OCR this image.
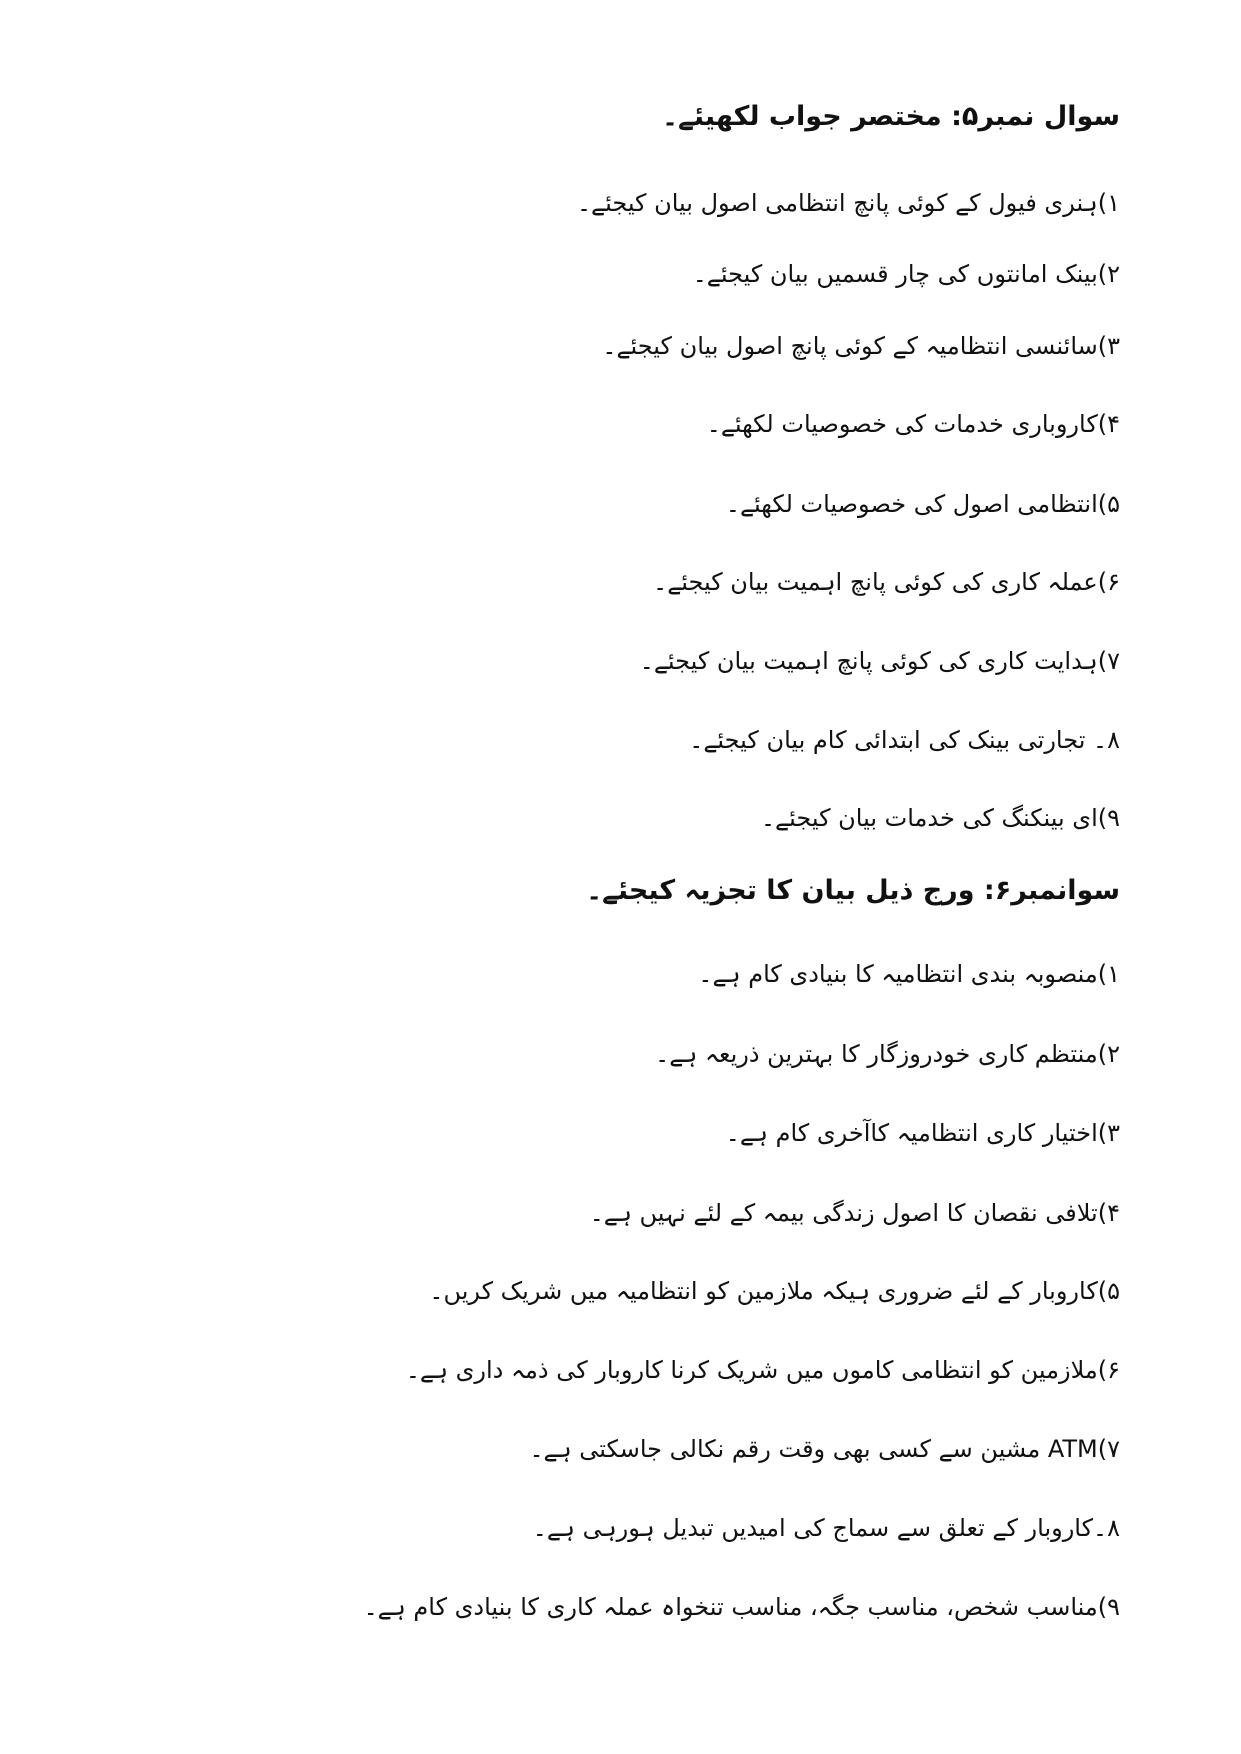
سوال نمبر۵: مختصر جواب لکھیئے۔
۱)ہنری فیول کے کوئی پانچ انتظامی اصول بیان کیجئے۔
۲)بینک امانتوں کی چار قسمیں بیان کیجئے۔
۳)سائنسی انتظامیہ کے کوئی پانچ اصول بیان کیجئے۔
۴)کاروباری خدمات کی خصوصیات لکھئے۔
۵)انتظامی اصول کی خصوصیات لکھئے۔
۶)عملہ کاری کی کوئی پانچ اہمیت بیان کیجئے۔
۷)ہدایت کاری کی کوئی پانچ اہمیت بیان کیجئے۔
۸۔ تجارتی بینک کی ابتدائی کام بیان کیجئے۔
۹)ای بینکنگ کی خدمات بیان کیجئے۔
سوانمبر۶: ورج ذیل بیان کا تجزیہ کیجئے۔
۱)منصوبہ بندی انتظامیہ کا بنیادی کام ہے۔
۲)منتظم کاری خودروزگار کا بہترین ذریعہ ہے۔
۳)اختیار کاری انتظامیہ کاآخری کام ہے۔
۴)تلافی نقصان کا اصول زندگی بیمہ کے لئے نہیں ہے۔
۵)کاروبار کے لئے ضروری ہیکہ ملازمین کو انتظامیہ میں شریک کریں۔
۶)ملازمین کو انتظامی کاموں میں شریک کرنا کاروبار کی ذمہ داری ہے۔
۷)ATM مشین سے کسی بھی وقت رقم نکالی جاسکتی ہے۔
۸۔کاروبار کے تعلق سے سماج کی امیدیں تبدیل ہورہی ہے۔
۹)مناسب شخص، مناسب جگہ، مناسب تنخواہ عملہ کاری کا بنیادی کام ہے۔
